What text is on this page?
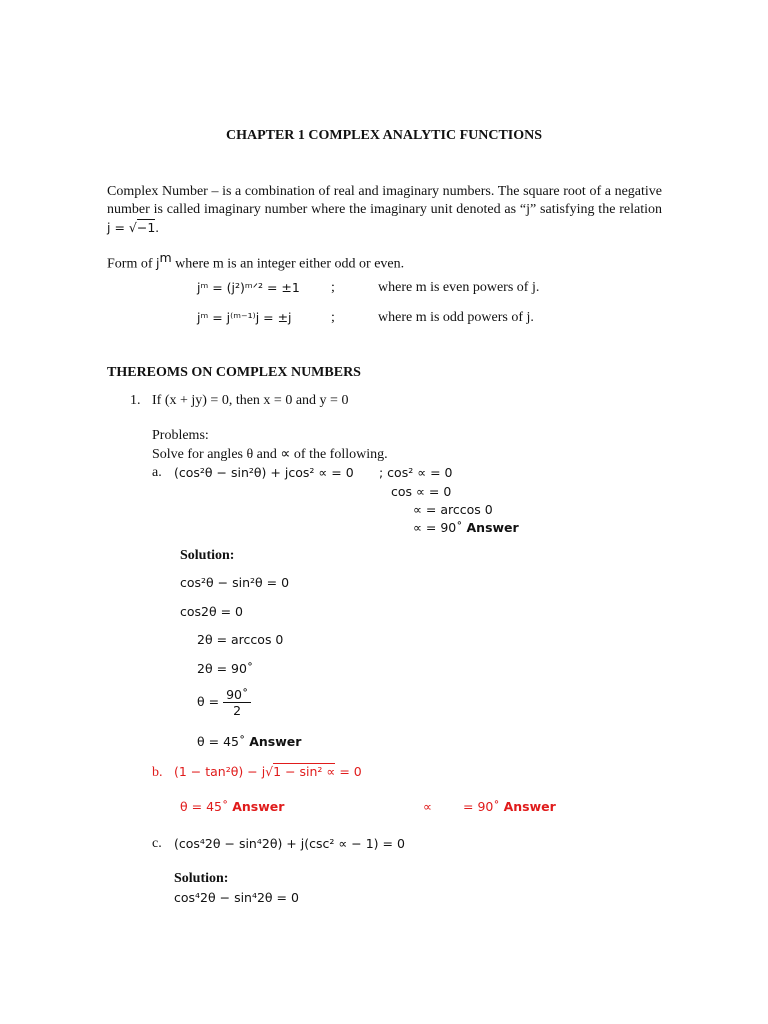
CHAPTER 1 COMPLEX ANALYTIC FUNCTIONS
Complex Number – is a combination of real and imaginary numbers. The square root of a negative number is called imaginary number where the imaginary unit denoted as “j” satisfying the relation j = √−1.
Form of $j^m$ where m is an integer either odd or even.
jᵐ = (j²)ᵐᐟ² = ±1 ;	where m is even powers of j.
jᵐ = j⁽ᵐ⁻¹⁾j = ±j	;	where m is odd powers of j.
THEREOMS ON COMPLEX NUMBERS
1. If (x + jy) = 0, then x = 0 and y = 0
Problems:
Solve for angles θ and ∝ of the following.
a. (cos²θ − sin²θ) + jcos² ∝ = 0 ; cos² ∝ = 0
cos ∝ = 0
∝ = arccos 0
∝ = 90˚ Answer
Solution:
cos²θ − sin²θ = 0
cos2θ = 0
2θ = arccos 0
2θ = 90˚
$\theta = \frac{90˚}{2}$
θ = 45˚ Answer
b. (1 − tan²θ) − j√1 − sin² ∝ = 0
θ = 45˚ Answer	∝ = 90˚ Answer
c. (cos⁴2θ − sin⁴2θ) + j(csc² ∝ − 1) = 0
Solution:
cos⁴2θ − sin⁴2θ = 0
